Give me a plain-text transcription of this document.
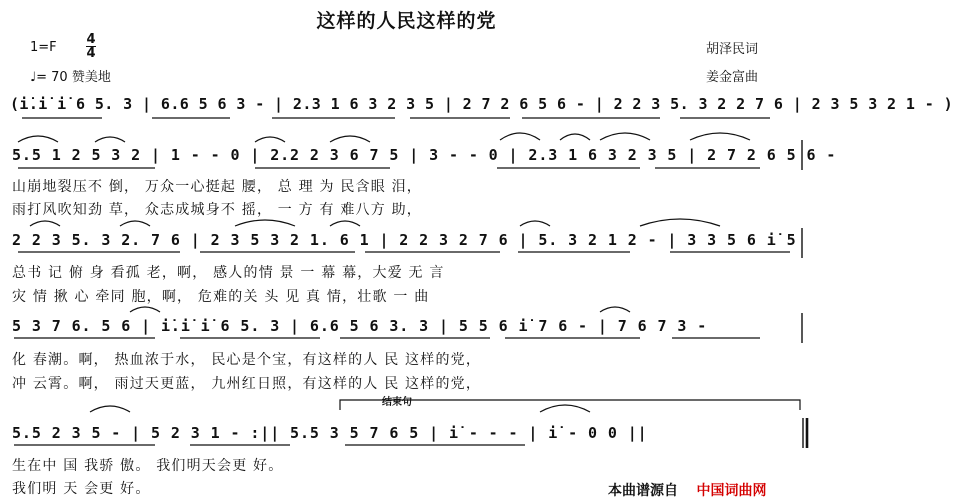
这样的人民这样的党
1=F
4
4
♩= 70 赞美地
胡泽民词
姜金富曲
(i̇.i̇ i̇ 6 5. 3 | 6.6 5 6 3 - | 2.3 1 6 3 2 3 5 | 2 7 2 6 5 6 - | 2 2 3 5. 3 2 2 7 6 | 2 3 5 3 2 1 - )
5.5 1 2 5 3 2 | 1 - - 0 | 2.2 2 3 6 7 5 | 3 - - 0 | 2.3 1 6 3 2 3 5 | 2 7 2 6 5 6 -
山崩地裂压不 倒， 万众一心挺起 腰， 总 理 为 民含眼 泪，
雨打风吹知劲 草， 众志成城身不 摇， 一 方 有 难八方 助，
2 2 3 5. 3 2. 7 6 | 2 3 5 3 2 1. 6 1 | 2 2 3 2 7 6 | 5. 3 2 1 2 - | 3 3 5 6 i̇ 5
总书 记 俯 身 看孤 老，啊， 感人的情 景 一 幕 幕，大爱 无 言
灾 情 揪 心 牵同 胞，啊， 危难的关 头 见 真 情，壮歌 一 曲
5 3 7 6. 5 6 | i̇.i̇ i̇ 6 5. 3 | 6.6 5 6 3. 3 | 5 5 6 i̇ 7 6 - | 7 6 7 3 -
化 春潮。啊， 热血浓于水， 民心是个宝，有这样的人 民 这样的党，
冲 云霄。啊， 雨过天更蓝， 九州红日照，有这样的人 民 这样的党，
结束句
5.5 2 3 5 - | 5 2 3 1 - :|| 5.5 3 5 7 6 5 | i̇ - - - | i̇ - 0 0 ||
生在中 国 我骄 傲。 我们明天会更 好。
我们明 天 会更 好。	本曲谱源自 中国词曲网
